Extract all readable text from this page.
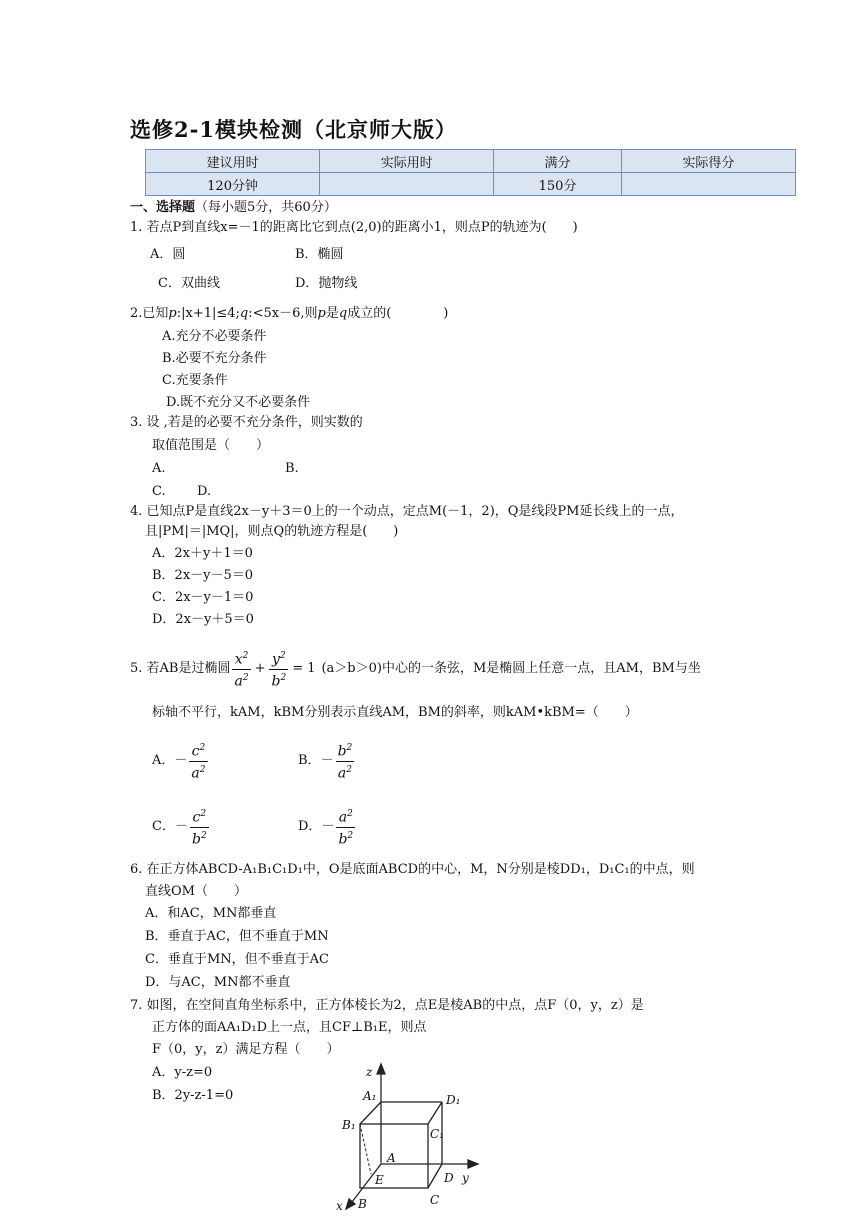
选修2-1模块检测（北京师大版）
建议用时	实际用时	满分	实际得分
120分钟		150分	
一、选择题（每小题5分，共60分）
1. 若点P到直线x=－1的距离比它到点(2,0)的距离小1，则点P的轨迹为(　　)
A．圆	B．椭圆
C．双曲线	D．抛物线
2.已知p:|x+1|≤4;q:<5x－6,则p是q成立的(　　　　)
A.充分不必要条件
B.必要不充分条件
C.充要条件
D.既不充分又不必要条件
3. 设 ,若是的必要不充分条件，则实数的
取值范围是（　　）
A.	B.
C. D.
4. 已知点P是直线2x－y＋3＝0上的一个动点，定点M(－1，2)，Q是线段PM延长线上的一点，
且|PM|＝|MQ|，则点Q的轨迹方程是(　　)
A．2x＋y＋1＝0
B．2x－y－5＝0
C．2x－y－1＝0
D．2x－y＋5＝0
5. 若AB是过椭圆 $\frac{x^2}{a^2} + \frac{y^2}{b^2} = 1$ (a＞b＞0)中心的一条弦，M是椭圆上任意一点，且AM，BM与坐
标轴不平行，kAM，kBM分别表示直线AM，BM的斜率，则kAM•kBM=（　　）
A． － $\frac{c^2}{a^2}$	B． － $\frac{b^2}{a^2}$
C． － $\frac{c^2}{b^2}$	D． － $\frac{a^2}{b^2}$
6. 在正方体ABCD-A₁B₁C₁D₁中，O是底面ABCD的中心，M，N分别是棱DD₁，D₁C₁的中点，则
直线OM（　　）
A．和AC，MN都垂直
B．垂直于AC，但不垂直于MN
C．垂直于MN，但不垂直于AC
D．与AC，MN都不垂直
7. 如图，在空间直角坐标系中，正方体棱长为2，点E是棱AB的中点，点F（0，y，z）是
正方体的面AA₁D₁D上一点，且CF⊥B₁E，则点
F（0，y，z）满足方程（　　）
A．y-z=0
B．2y-z-1=0
z
y
x
A₁	D₁
B₁
C₁
A
E	D
B	C
